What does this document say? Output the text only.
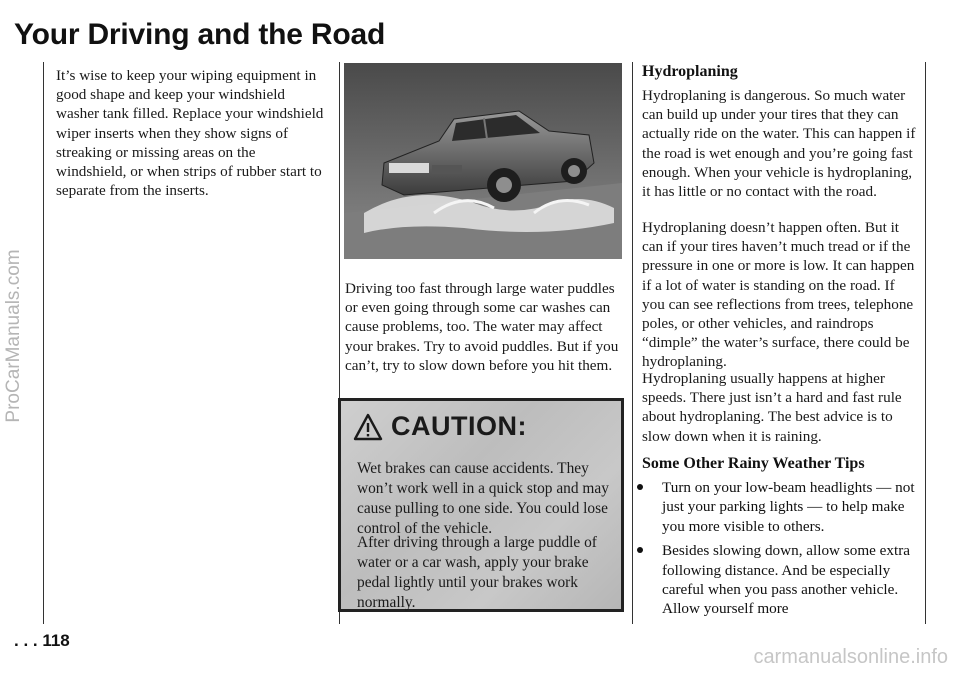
ProCarManuals.com
Your Driving and the Road

It’s wise to keep your wiping equipment in good shape and keep your windshield washer tank filled. Replace your windshield wiper inserts when they show signs of streaking or missing areas on the windshield, or when strips of rubber start to separate from the inserts.

Driving too fast through large water puddles or even going through some car washes can cause problems, too. The water may affect your brakes. Try to avoid puddles. But if you can’t, try to slow down before you hit them.

CAUTION:

Wet brakes can cause accidents. They won’t work well in a quick stop and may cause pulling to one side. You could lose control of the vehicle.

After driving through a large puddle of water or a car wash, apply your brake pedal lightly until your brakes work normally.

Hydroplaning

Hydroplaning is dangerous. So much water can build up under your tires that they can actually ride on the water. This can happen if the road is wet enough and you’re going fast enough. When your vehicle is hydroplaning, it has little or no contact with the road.

Hydroplaning doesn’t happen often. But it can if your tires haven’t much tread or if the pressure in one or more is low. It can happen if a lot of water is standing on the road. If you can see reflections from trees, telephone poles, or other vehicles, and raindrops “dimple” the water’s surface, there could be hydroplaning.

Hydroplaning usually happens at higher speeds. There just isn’t a hard and fast rule about hydroplaning. The best advice is to slow down when it is raining.

Some Other Rainy Weather Tips
Turn on your low-beam headlights — not just your parking lights — to help make you more visible to others.
Besides slowing down, allow some extra following distance. And be especially careful when you pass another vehicle. Allow yourself more
. . . 118
carmanualsonline.info
